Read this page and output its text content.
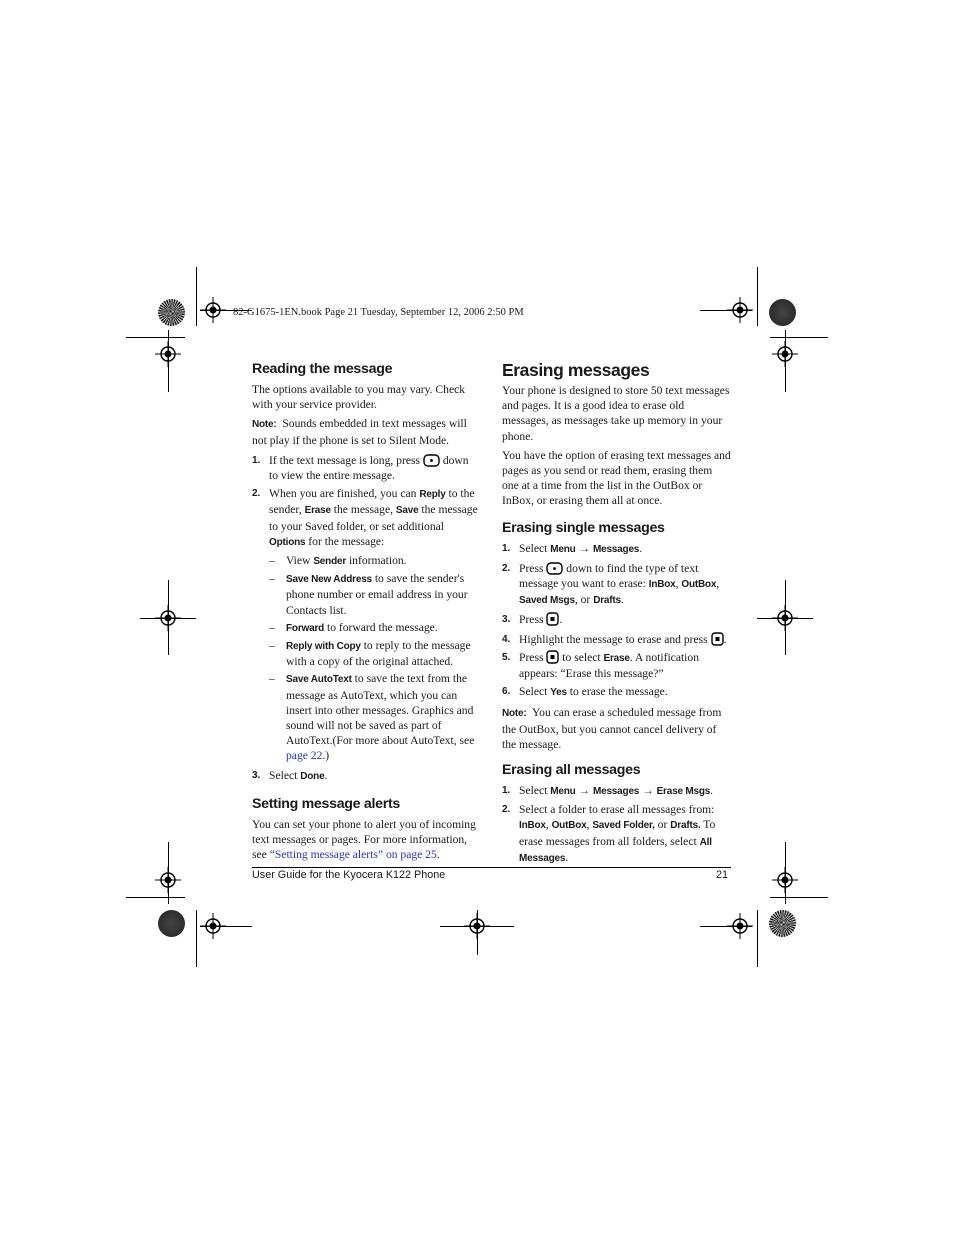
82-G1675-1EN.book Page 21 Tuesday, September 12, 2006 2:50 PM
Reading the message

The options available to you may vary. Check with your service provider.

Note: Sounds embedded in text messages will not play if the phone is set to Silent Mode.

1. If the text message is long, press down to view the entire message.
2. When you are finished, you can Reply to the sender, Erase the message, Save the message to your Saved folder, or set additional Options for the message:
– View Sender information.
– Save New Address to save the sender's phone number or email address in your Contacts list.
– Forward to forward the message.
– Reply with Copy to reply to the message with a copy of the original attached.
– Save AutoText to save the text from the message as AutoText, which you can insert into other messages. Graphics and sound will not be saved as part of AutoText.(For more about AutoText, see page 22.)
3. Select Done.
Setting message alerts

You can set your phone to alert you of incoming text messages or pages. For more information, see “Setting message alerts” on page 25.

Erasing messages

Your phone is designed to store 50 text messages and pages. It is a good idea to erase old messages, as messages take up memory in your phone.

You have the option of erasing text messages and pages as you send or read them, erasing them one at a time from the list in the OutBox or InBox, or erasing them all at once.

Erasing single messages
1. Select Menu → Messages.
2. Press down to find the type of text message you want to erase: InBox, OutBox, Saved Msgs, or Drafts.
3. Press .
4. Highlight the message to erase and press .
5. Press to select Erase. A notification appears: “Erase this message?”
6. Select Yes to erase the message.

Note: You can erase a scheduled message from the OutBox, but you cannot cancel delivery of the message.

Erasing all messages
1. Select Menu → Messages → Erase Msgs.
2. Select a folder to erase all messages from: InBox, OutBox, Saved Folder, or Drafts. To erase messages from all folders, select All Messages.
User Guide for the Kyocera K122 Phone	21
